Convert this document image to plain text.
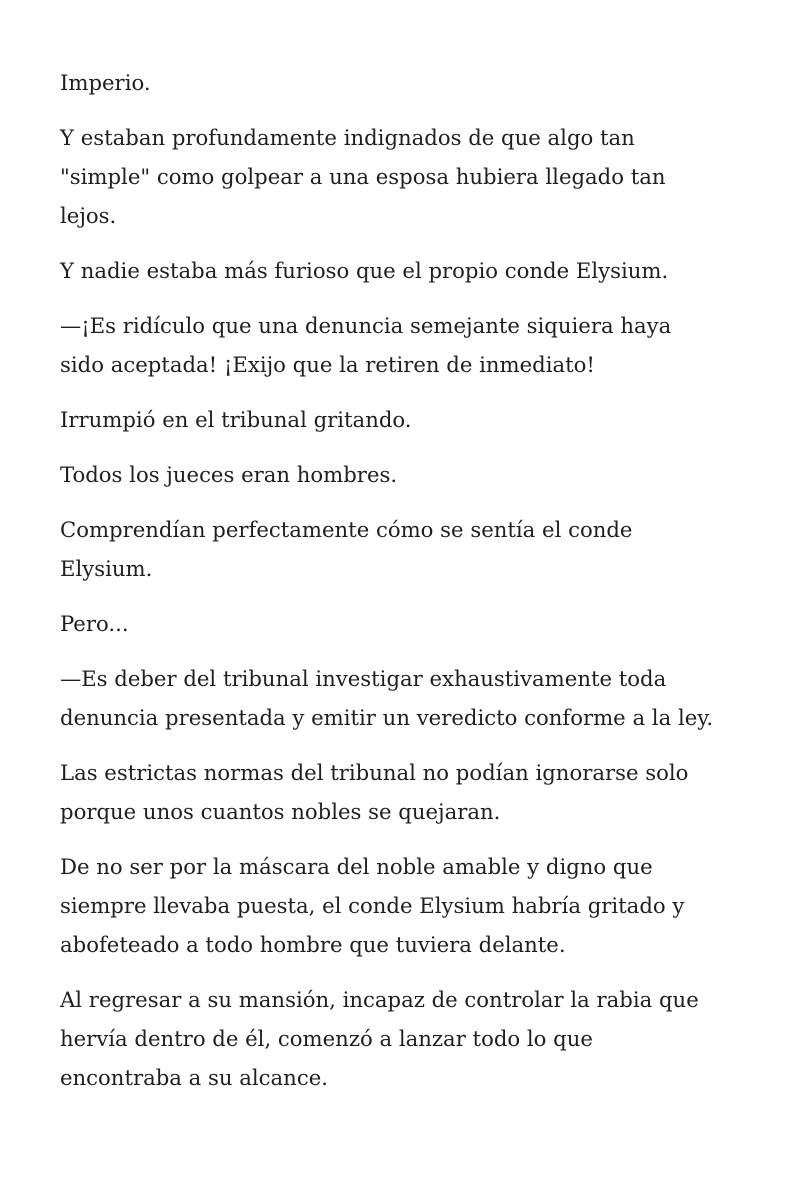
Imperio.

Y estaban profundamente indignados de que algo tan
"simple" como golpear a una esposa hubiera llegado tan
lejos.

Y nadie estaba más furioso que el propio conde Elysium.

—¡Es ridículo que una denuncia semejante siquiera haya
sido aceptada! ¡Exijo que la retiren de inmediato!

Irrumpió en el tribunal gritando.

Todos los jueces eran hombres.

Comprendían perfectamente cómo se sentía el conde
Elysium.

Pero...

—Es deber del tribunal investigar exhaustivamente toda
denuncia presentada y emitir un veredicto conforme a la ley.

Las estrictas normas del tribunal no podían ignorarse solo
porque unos cuantos nobles se quejaran.

De no ser por la máscara del noble amable y digno que
siempre llevaba puesta, el conde Elysium habría gritado y
abofeteado a todo hombre que tuviera delante.

Al regresar a su mansión, incapaz de controlar la rabia que
hervía dentro de él, comenzó a lanzar todo lo que
encontraba a su alcance.
